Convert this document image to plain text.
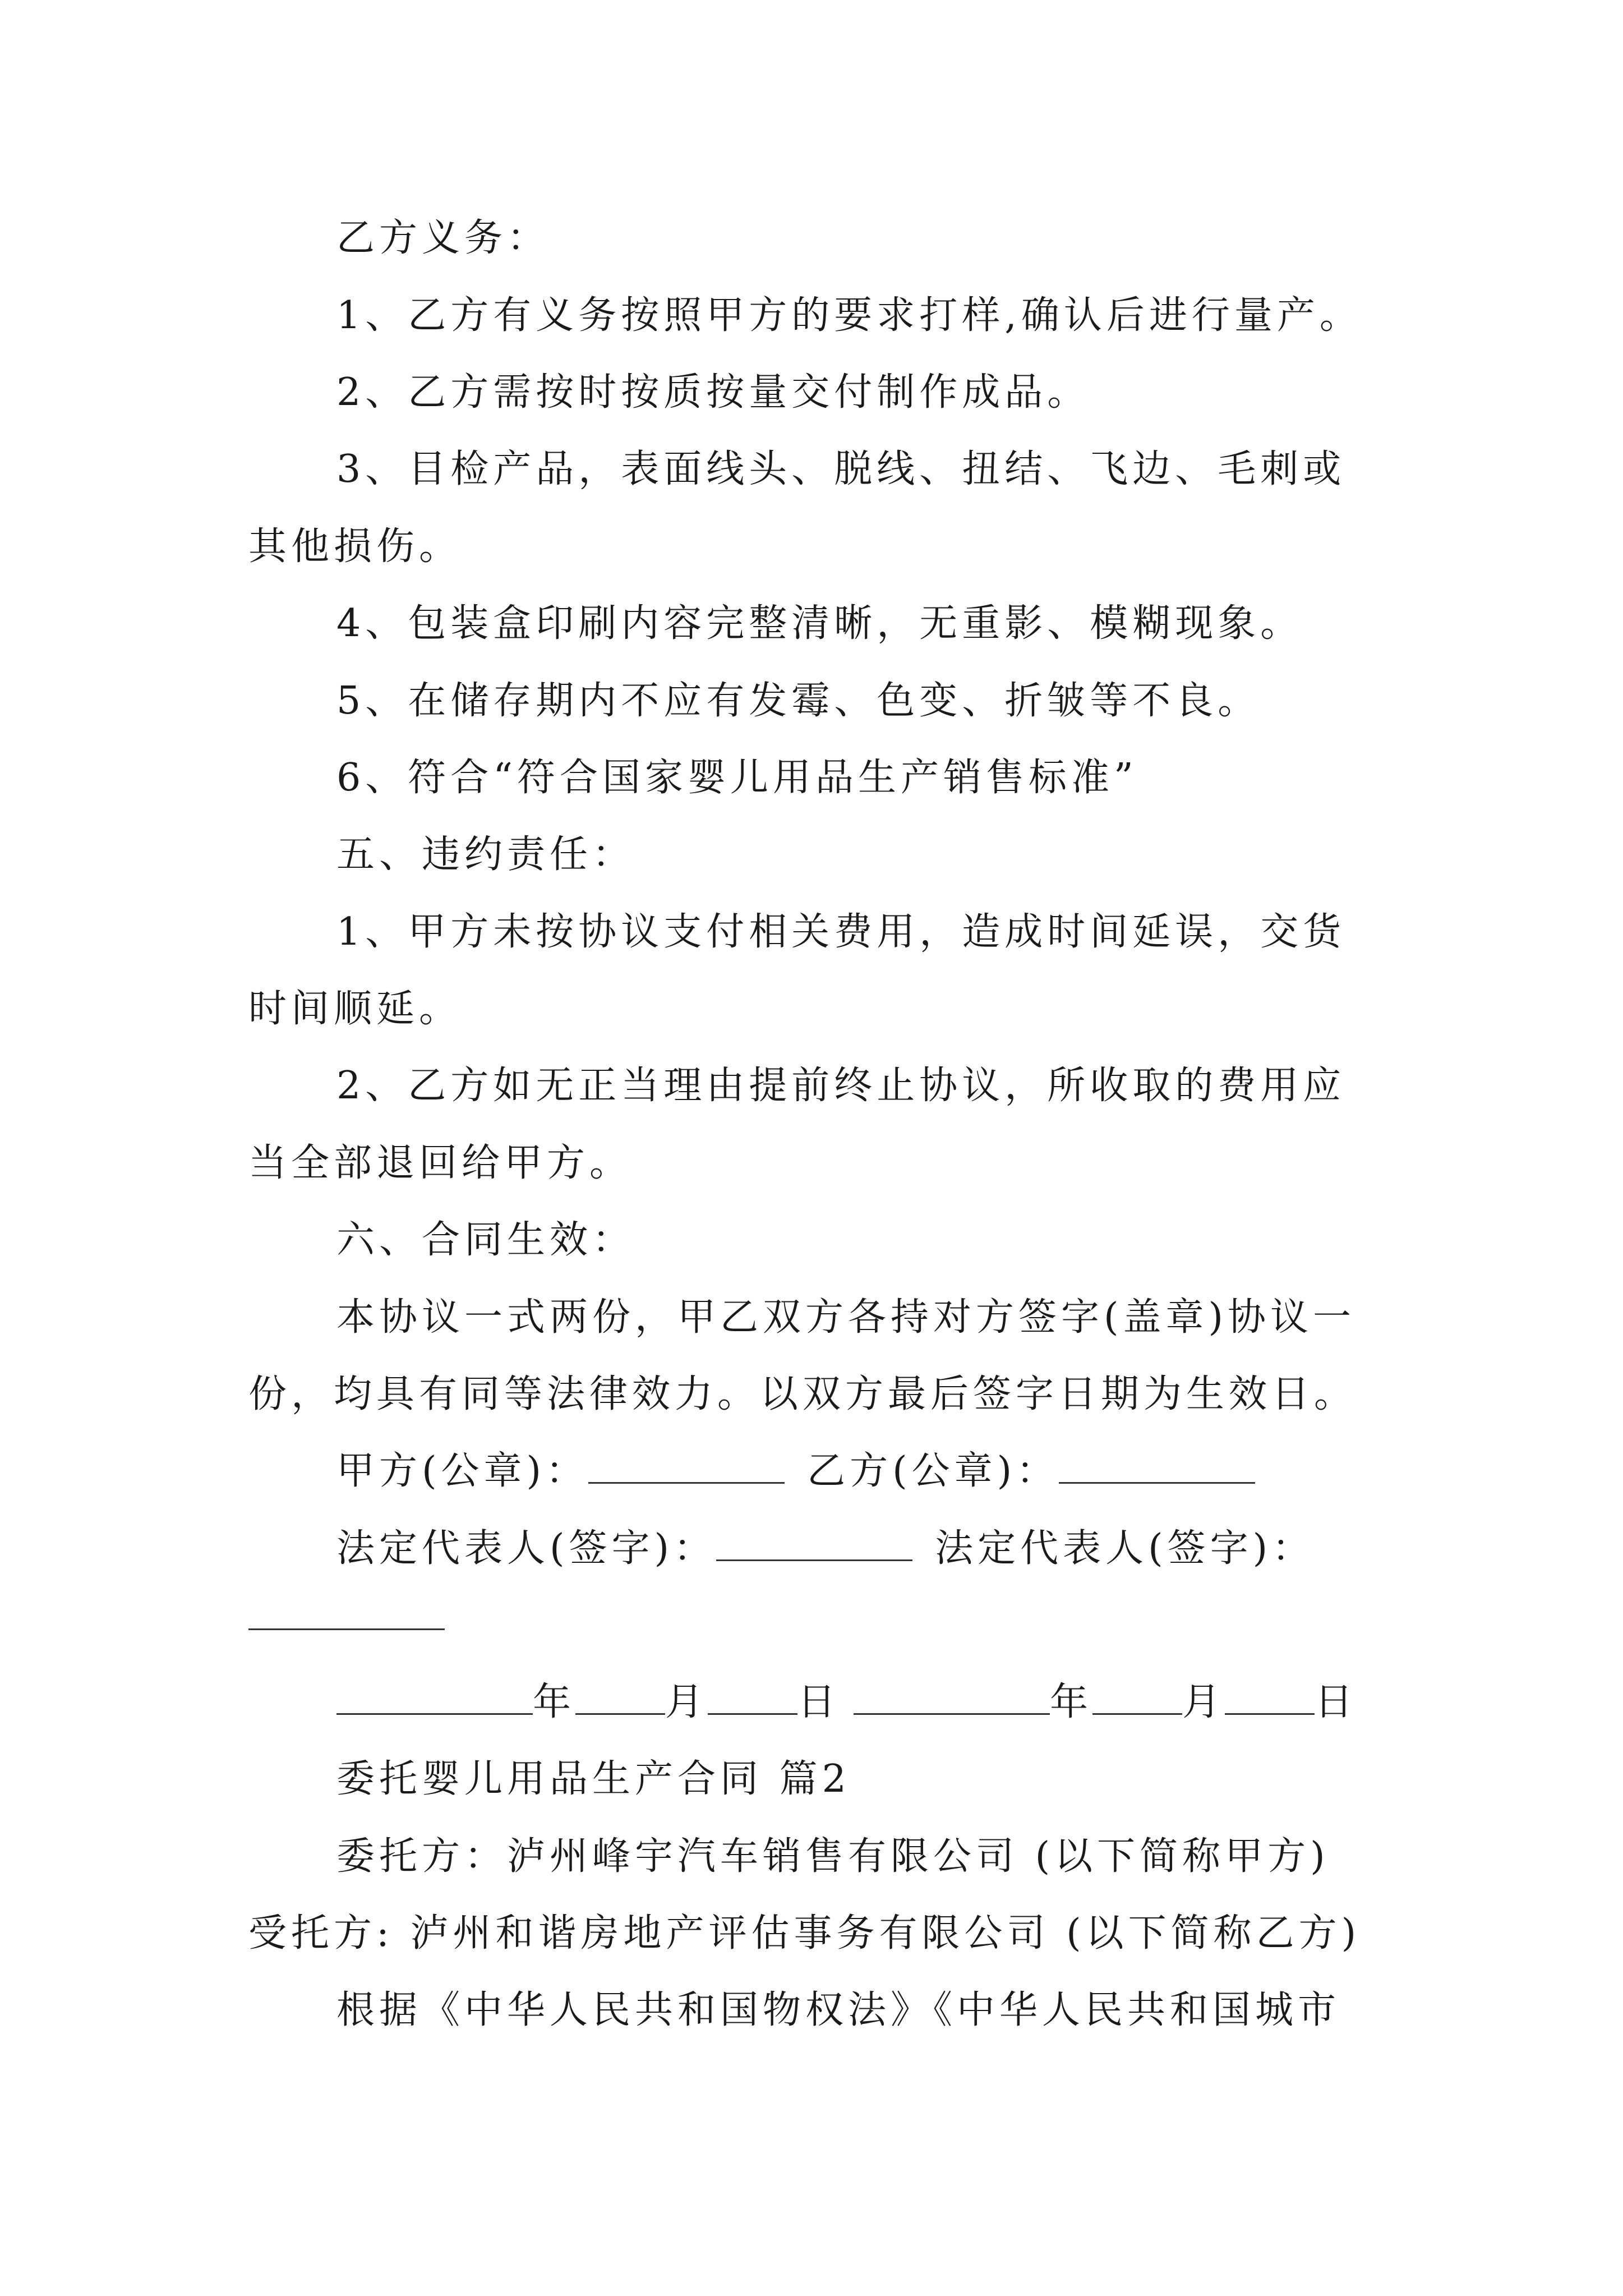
乙方义务：
1、乙方有义务按照甲方的要求打样,确认后进行量产。
2、乙方需按时按质按量交付制作成品。
3、目检产品，表面线头、脱线、扭结、飞边、毛刺或
其他损伤。
4、包装盒印刷内容完整清晰，无重影、模糊现象。
5、在储存期内不应有发霉、色变、折皱等不良。
6、符合“符合国家婴儿用品生产销售标准”
五、违约责任：
1、甲方未按协议支付相关费用，造成时间延误，交货
时间顺延。
2、乙方如无正当理由提前终止协议，所收取的费用应
当全部退回给甲方。
六、合同生效：
本协议一式两份，甲乙双方各持对方签字(盖章)协议一
份，均具有同等法律效力。以双方最后签字日期为生效日。
甲方(公章)：	乙方(公章)：
法定代表人(签字)：	法定代表人(签字)：
年 月 日	年 月 日
委托婴儿用品生产合同 篇2
委托方：泸州峰宇汽车销售有限公司 (以下简称甲方)
受托方: 泸州和谐房地产评估事务有限公司 (以下简称乙方)
根据《中华人民共和国物权法》《中华人民共和国城市
